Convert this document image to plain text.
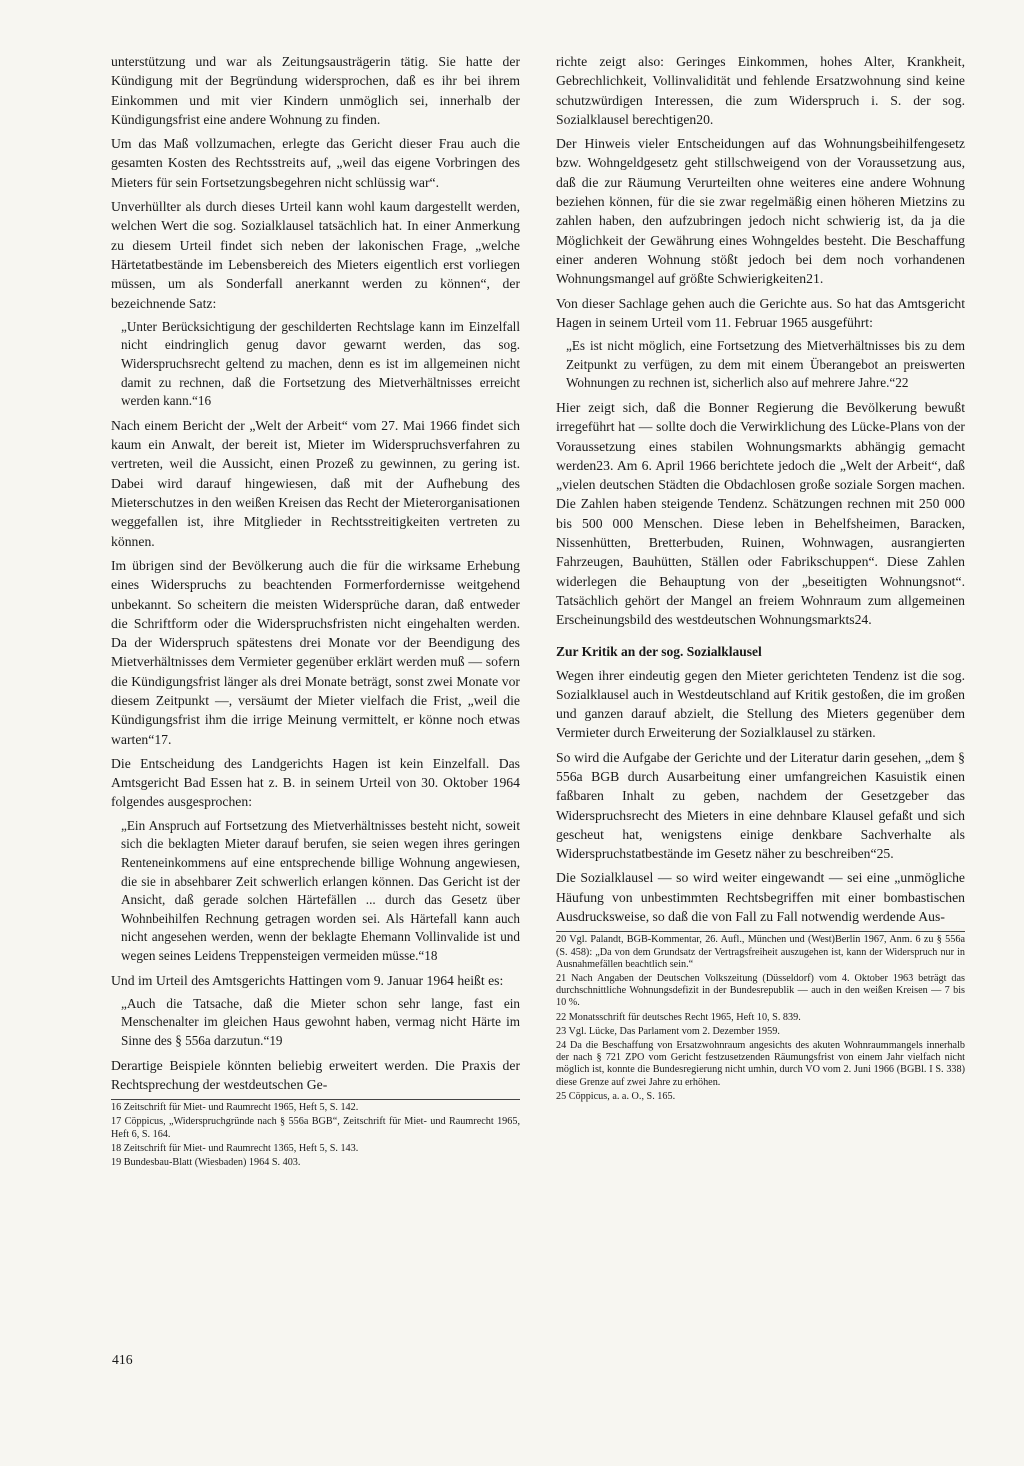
unterstützung und war als Zeitungsausträgerin tätig. Sie hatte der Kündigung mit der Begründung widersprochen, daß es ihr bei ihrem Einkommen und mit vier Kindern unmöglich sei, innerhalb der Kündigungsfrist eine andere Wohnung zu finden.

Um das Maß vollzumachen, erlegte das Gericht dieser Frau auch die gesamten Kosten des Rechtsstreits auf, „weil das eigene Vorbringen des Mieters für sein Fortsetzungsbegehren nicht schlüssig war“.

Unverhüllter als durch dieses Urteil kann wohl kaum dargestellt werden, welchen Wert die sog. Sozialklausel tatsächlich hat. In einer Anmerkung zu diesem Urteil findet sich neben der lakonischen Frage, „welche Härtetatbestände im Lebensbereich des Mieters eigentlich erst vorliegen müssen, um als Sonderfall anerkannt werden zu können“, der bezeichnende Satz:

„Unter Berücksichtigung der geschilderten Rechtslage kann im Einzelfall nicht eindringlich genug davor gewarnt werden, das sog. Widerspruchsrecht geltend zu machen, denn es ist im allgemeinen nicht damit zu rechnen, daß die Fortsetzung des Mietverhältnisses erreicht werden kann.“16

Nach einem Bericht der „Welt der Arbeit“ vom 27. Mai 1966 findet sich kaum ein Anwalt, der bereit ist, Mieter im Widerspruchsverfahren zu vertreten, weil die Aussicht, einen Prozeß zu gewinnen, zu gering ist. Dabei wird darauf hingewiesen, daß mit der Aufhebung des Mieterschutzes in den weißen Kreisen das Recht der Mieterorganisationen weggefallen ist, ihre Mitglieder in Rechtsstreitigkeiten vertreten zu können.

Im übrigen sind der Bevölkerung auch die für die wirksame Erhebung eines Widerspruchs zu beachtenden Formerfordernisse weitgehend unbekannt. So scheitern die meisten Widersprüche daran, daß entweder die Schriftform oder die Widerspruchsfristen nicht eingehalten werden. Da der Widerspruch spätestens drei Monate vor der Beendigung des Mietverhältnisses dem Vermieter gegenüber erklärt werden muß — sofern die Kündigungsfrist länger als drei Monate beträgt, sonst zwei Monate vor diesem Zeitpunkt —, versäumt der Mieter vielfach die Frist, „weil die Kündigungsfrist ihm die irrige Meinung vermittelt, er könne noch etwas warten“17.

Die Entscheidung des Landgerichts Hagen ist kein Einzelfall. Das Amtsgericht Bad Essen hat z. B. in seinem Urteil von 30. Oktober 1964 folgendes ausgesprochen:

„Ein Anspruch auf Fortsetzung des Mietverhältnisses besteht nicht, soweit sich die beklagten Mieter darauf berufen, sie seien wegen ihres geringen Renteneinkommens auf eine entsprechende billige Wohnung angewiesen, die sie in absehbarer Zeit schwerlich erlangen können. Das Gericht ist der Ansicht, daß gerade solchen Härtefällen ... durch das Gesetz über Wohnbeihilfen Rechnung getragen worden sei. Als Härtefall kann auch nicht angesehen werden, wenn der beklagte Ehemann Vollinvalide ist und wegen seines Leidens Treppensteigen vermeiden müsse.“18

Und im Urteil des Amtsgerichts Hattingen vom 9. Januar 1964 heißt es:

„Auch die Tatsache, daß die Mieter schon sehr lange, fast ein Menschenalter im gleichen Haus gewohnt haben, vermag nicht Härte im Sinne des § 556a darzutun.“19

Derartige Beispiele könnten beliebig erweitert werden. Die Praxis der Rechtsprechung der westdeutschen Ge-

16 Zeitschrift für Miet- und Raumrecht 1965, Heft 5, S. 142.

17 Cöppicus, „Widerspruchgründe nach § 556a BGB“, Zeitschrift für Miet- und Raumrecht 1965, Heft 6, S. 164.

18 Zeitschrift für Miet- und Raumrecht 1365, Heft 5, S. 143.

19 Bundesbau-Blatt (Wiesbaden) 1964 S. 403.

richte zeigt also: Geringes Einkommen, hohes Alter, Krankheit, Gebrechlichkeit, Vollinvalidität und fehlende Ersatzwohnung sind keine schutzwürdigen Interessen, die zum Widerspruch i. S. der sog. Sozialklausel berechtigen20.

Der Hinweis vieler Entscheidungen auf das Wohnungsbeihilfengesetz bzw. Wohngeldgesetz geht stillschweigend von der Voraussetzung aus, daß die zur Räumung Verurteilten ohne weiteres eine andere Wohnung beziehen können, für die sie zwar regelmäßig einen höheren Mietzins zu zahlen haben, den aufzubringen jedoch nicht schwierig ist, da ja die Möglichkeit der Gewährung eines Wohngeldes besteht. Die Beschaffung einer anderen Wohnung stößt jedoch bei dem noch vorhandenen Wohnungsmangel auf größte Schwierigkeiten21.

Von dieser Sachlage gehen auch die Gerichte aus. So hat das Amtsgericht Hagen in seinem Urteil vom 11. Februar 1965 ausgeführt:

„Es ist nicht möglich, eine Fortsetzung des Mietverhältnisses bis zu dem Zeitpunkt zu verfügen, zu dem mit einem Überangebot an preiswerten Wohnungen zu rechnen ist, sicherlich also auf mehrere Jahre.“22

Hier zeigt sich, daß die Bonner Regierung die Bevölkerung bewußt irregeführt hat — sollte doch die Verwirklichung des Lücke-Plans von der Voraussetzung eines stabilen Wohnungsmarkts abhängig gemacht werden23. Am 6. April 1966 berichtete jedoch die „Welt der Arbeit“, daß „vielen deutschen Städten die Obdachlosen große soziale Sorgen machen. Die Zahlen haben steigende Tendenz. Schätzungen rechnen mit 250 000 bis 500 000 Menschen. Diese leben in Behelfsheimen, Baracken, Nissenhütten, Bretterbuden, Ruinen, Wohnwagen, ausrangierten Fahrzeugen, Bauhütten, Ställen oder Fabrikschuppen“. Diese Zahlen widerlegen die Behauptung von der „beseitigten Wohnungsnot“. Tatsächlich gehört der Mangel an freiem Wohnraum zum allgemeinen Erscheinungsbild des westdeutschen Wohnungsmarkts24.

Zur Kritik an der sog. Sozialklausel

Wegen ihrer eindeutig gegen den Mieter gerichteten Tendenz ist die sog. Sozialklausel auch in Westdeutschland auf Kritik gestoßen, die im großen und ganzen darauf abzielt, die Stellung des Mieters gegenüber dem Vermieter durch Erweiterung der Sozialklausel zu stärken.

So wird die Aufgabe der Gerichte und der Literatur darin gesehen, „dem § 556a BGB durch Ausarbeitung einer umfangreichen Kasuistik einen faßbaren Inhalt zu geben, nachdem der Gesetzgeber das Widerspruchsrecht des Mieters in eine dehnbare Klausel gefaßt und sich gescheut hat, wenigstens einige denkbare Sachverhalte als Widerspruchstatbestände im Gesetz näher zu beschreiben“25.

Die Sozialklausel — so wird weiter eingewandt — sei eine „unmögliche Häufung von unbestimmten Rechtsbegriffen mit einer bombastischen Ausdrucksweise, so daß die von Fall zu Fall notwendig werdende Aus-

20 Vgl. Palandt, BGB-Kommentar, 26. Aufl., München und (West)Berlin 1967, Anm. 6 zu § 556a (S. 458): „Da von dem Grundsatz der Vertragsfreiheit auszugehen ist, kann der Widerspruch nur in Ausnahmefällen beachtlich sein.“

21 Nach Angaben der Deutschen Volkszeitung (Düsseldorf) vom 4. Oktober 1963 beträgt das durchschnittliche Wohnungsdefizit in der Bundesrepublik — auch in den weißen Kreisen — 7 bis 10 %.

22 Monatsschrift für deutsches Recht 1965, Heft 10, S. 839.

23 Vgl. Lücke, Das Parlament vom 2. Dezember 1959.

24 Da die Beschaffung von Ersatzwohnraum angesichts des akuten Wohnraummangels innerhalb der nach § 721 ZPO vom Gericht festzusetzenden Räumungsfrist von einem Jahr vielfach nicht möglich ist, konnte die Bundesregierung nicht umhin, durch VO vom 2. Juni 1966 (BGBl. I S. 338) diese Grenze auf zwei Jahre zu erhöhen.

25 Cöppicus, a. a. O., S. 165.

416
